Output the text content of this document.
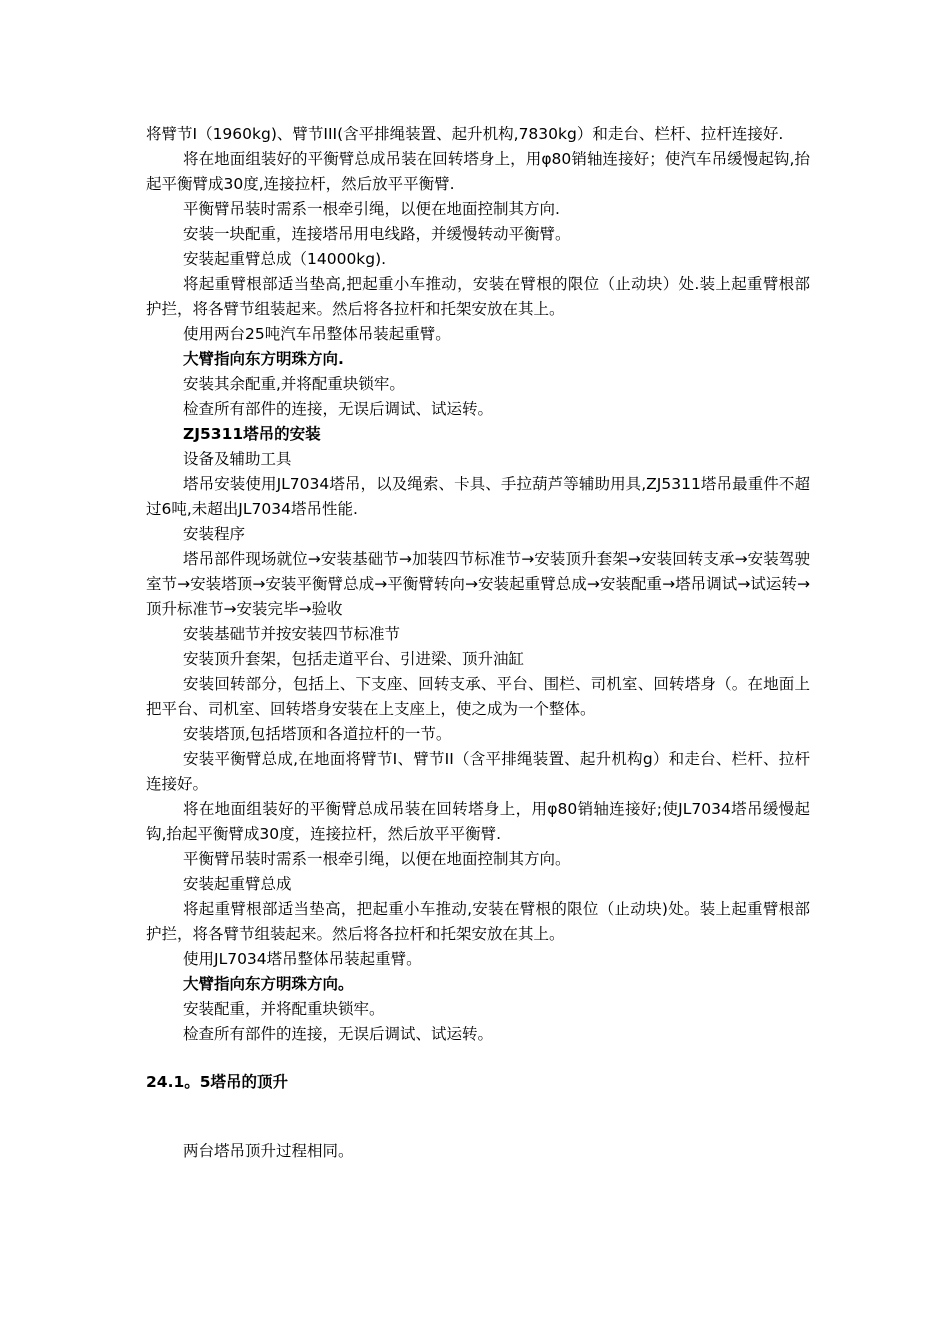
将臂节I（1960kg)、臂节III(含平排绳装置、起升机构,7830kg）和走台、栏杆、拉杆连接好.

将在地面组装好的平衡臂总成吊装在回转塔身上，用φ80销轴连接好；使汽车吊缓慢起钩,抬起平衡臂成30度,连接拉杆，然后放平平衡臂.

平衡臂吊装时需系一根牵引绳，以便在地面控制其方向.

安装一块配重，连接塔吊用电线路，并缓慢转动平衡臂。

安装起重臂总成（14000kg).

将起重臂根部适当垫高,把起重小车推动，安装在臂根的限位（止动块）处.装上起重臂根部护拦，将各臂节组装起来。然后将各拉杆和托架安放在其上。

使用两台25吨汽车吊整体吊装起重臂。

大臂指向东方明珠方向.

安装其余配重,并将配重块锁牢。

检查所有部件的连接，无误后调试、试运转。

ZJ5311塔吊的安装

设备及辅助工具

塔吊安装使用JL7034塔吊，以及绳索、卡具、手拉葫芦等辅助用具,ZJ5311塔吊最重件不超过6吨,未超出JL7034塔吊性能.

安装程序

塔吊部件现场就位→安装基础节→加装四节标准节→安装顶升套架→安装回转支承→安装驾驶室节→安装塔顶→安装平衡臂总成→平衡臂转向→安装起重臂总成→安装配重→塔吊调试→试运转→顶升标准节→安装完毕→验收

安装基础节并按安装四节标准节

安装顶升套架，包括走道平台、引进梁、顶升油缸

安装回转部分，包括上、下支座、回转支承、平台、围栏、司机室、回转塔身（。在地面上把平台、司机室、回转塔身安装在上支座上，使之成为一个整体。

安装塔顶,包括塔顶和各道拉杆的一节。

安装平衡臂总成,在地面将臂节I、臂节II（含平排绳装置、起升机构g）和走台、栏杆、拉杆连接好。

将在地面组装好的平衡臂总成吊装在回转塔身上，用φ80销轴连接好;使JL7034塔吊缓慢起钩,抬起平衡臂成30度，连接拉杆，然后放平平衡臂.

平衡臂吊装时需系一根牵引绳，以便在地面控制其方向。

安装起重臂总成

将起重臂根部适当垫高，把起重小车推动,安装在臂根的限位（止动块)处。装上起重臂根部护拦，将各臂节组装起来。然后将各拉杆和托架安放在其上。

使用JL7034塔吊整体吊装起重臂。

大臂指向东方明珠方向。

安装配重，并将配重块锁牢。

检查所有部件的连接，无误后调试、试运转。

24.1。5塔吊的顶升

两台塔吊顶升过程相同。
